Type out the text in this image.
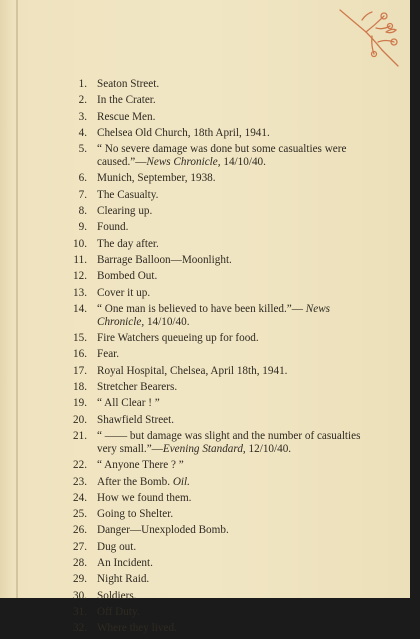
1. Seaton Street.
2. In the Crater.
3. Rescue Men.
4. Chelsea Old Church, 18th April, 1941.
5. “ No severe damage was done but some casualties were caused.”—News Chronicle, 14/10/40.
6. Munich, September, 1938.
7. The Casualty.
8. Clearing up.
9. Found.
10. The day after.
11. Barrage Balloon—Moonlight.
12. Bombed Out.
13. Cover it up.
14. “ One man is believed to have been killed.”— News Chronicle, 14/10/40.
15. Fire Watchers queueing up for food.
16. Fear.
17. Royal Hospital, Chelsea, April 18th, 1941.
18. Stretcher Bearers.
19. “ All Clear ! ”
20. Shawfield Street.
21. “ —— but damage was slight and the number of casualties very small.”—Evening Standard, 12/10/40.
22. “ Anyone There ? ”
23. After the Bomb. Oil.
24. How we found them.
25. Going to Shelter.
26. Danger—Unexploded Bomb.
27. Dug out.
28. An Incident.
29. Night Raid.
30. Soldiers.
31. Off Duty.
32. Where they lived.
